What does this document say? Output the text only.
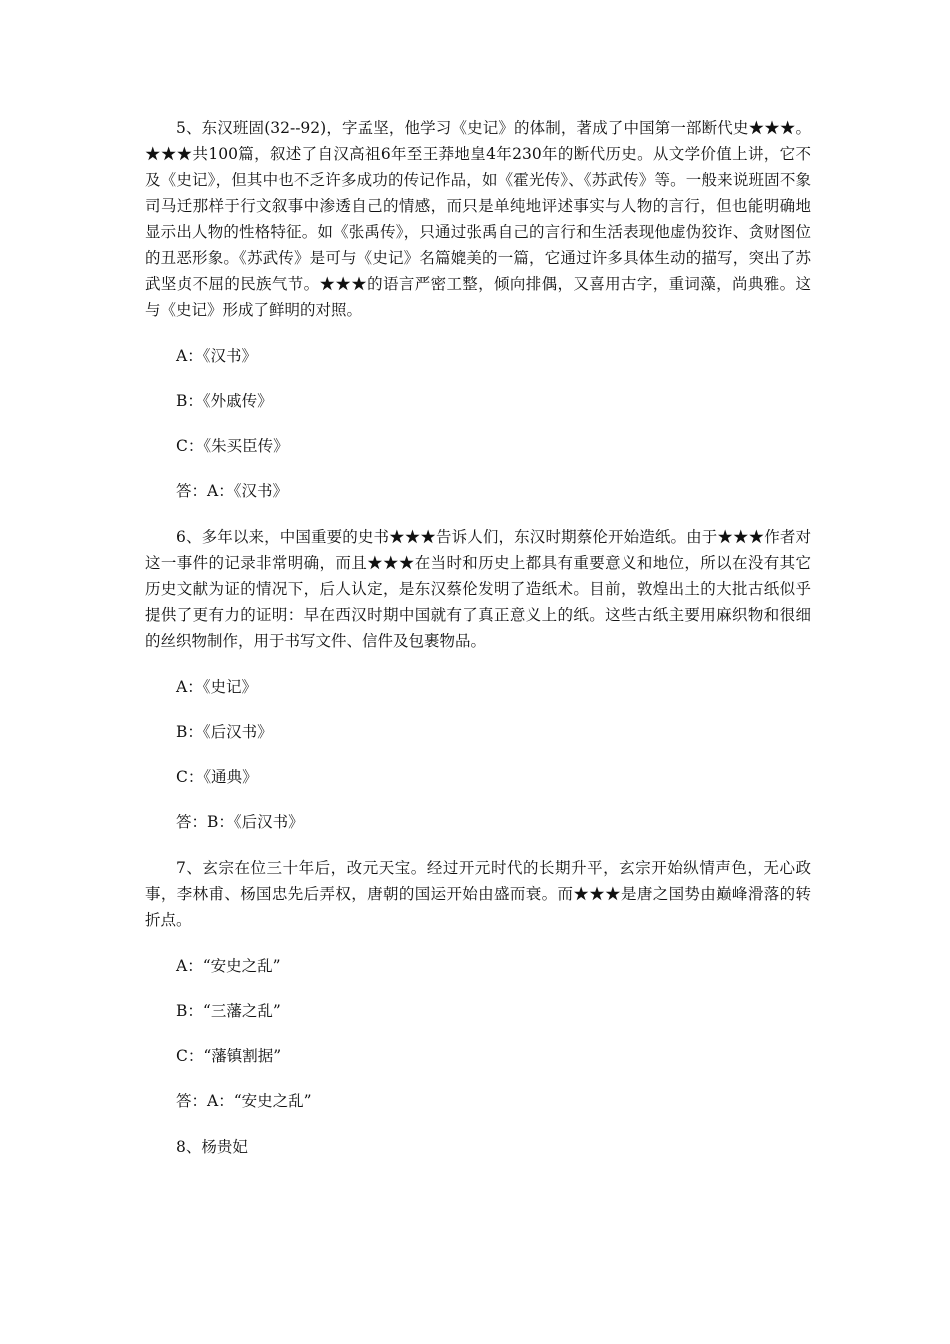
5、东汉班固(32--92)，字孟坚，他学习《史记》的体制，著成了中国第一部断代史★★★。★★★共100篇，叙述了自汉高祖6年至王莽地皇4年230年的断代历史。从文学价值上讲，它不及《史记》，但其中也不乏许多成功的传记作品，如《霍光传》、《苏武传》等。一般来说班固不象司马迁那样于行文叙事中渗透自己的情感，而只是单纯地评述事实与人物的言行，但也能明确地显示出人物的性格特征。如《张禹传》，只通过张禹自己的言行和生活表现他虚伪狡诈、贪财图位的丑恶形象。《苏武传》是可与《史记》名篇媲美的一篇，它通过许多具体生动的描写，突出了苏武坚贞不屈的民族气节。★★★的语言严密工整，倾向排偶，又喜用古字，重词藻，尚典雅。这与《史记》形成了鲜明的对照。

A：《汉书》

B：《外戚传》

C：《朱买臣传》

答：A：《汉书》

6、多年以来，中国重要的史书★★★告诉人们，东汉时期蔡伦开始造纸。由于★★★作者对这一事件的记录非常明确，而且★★★在当时和历史上都具有重要意义和地位，所以在没有其它历史文献为证的情况下，后人认定，是东汉蔡伦发明了造纸术。目前，敦煌出土的大批古纸似乎提供了更有力的证明：早在西汉时期中国就有了真正意义上的纸。这些古纸主要用麻织物和很细的丝织物制作，用于书写文件、信件及包裹物品。

A：《史记》

B：《后汉书》

C：《通典》

答：B：《后汉书》

7、玄宗在位三十年后，改元天宝。经过开元时代的长期升平，玄宗开始纵情声色，无心政事，李林甫、杨国忠先后弄权，唐朝的国运开始由盛而衰。而★★★是唐之国势由巅峰滑落的转折点。

A：“安史之乱”

B：“三藩之乱”

C：“藩镇割据”

答：A：“安史之乱”

8、杨贵妃
